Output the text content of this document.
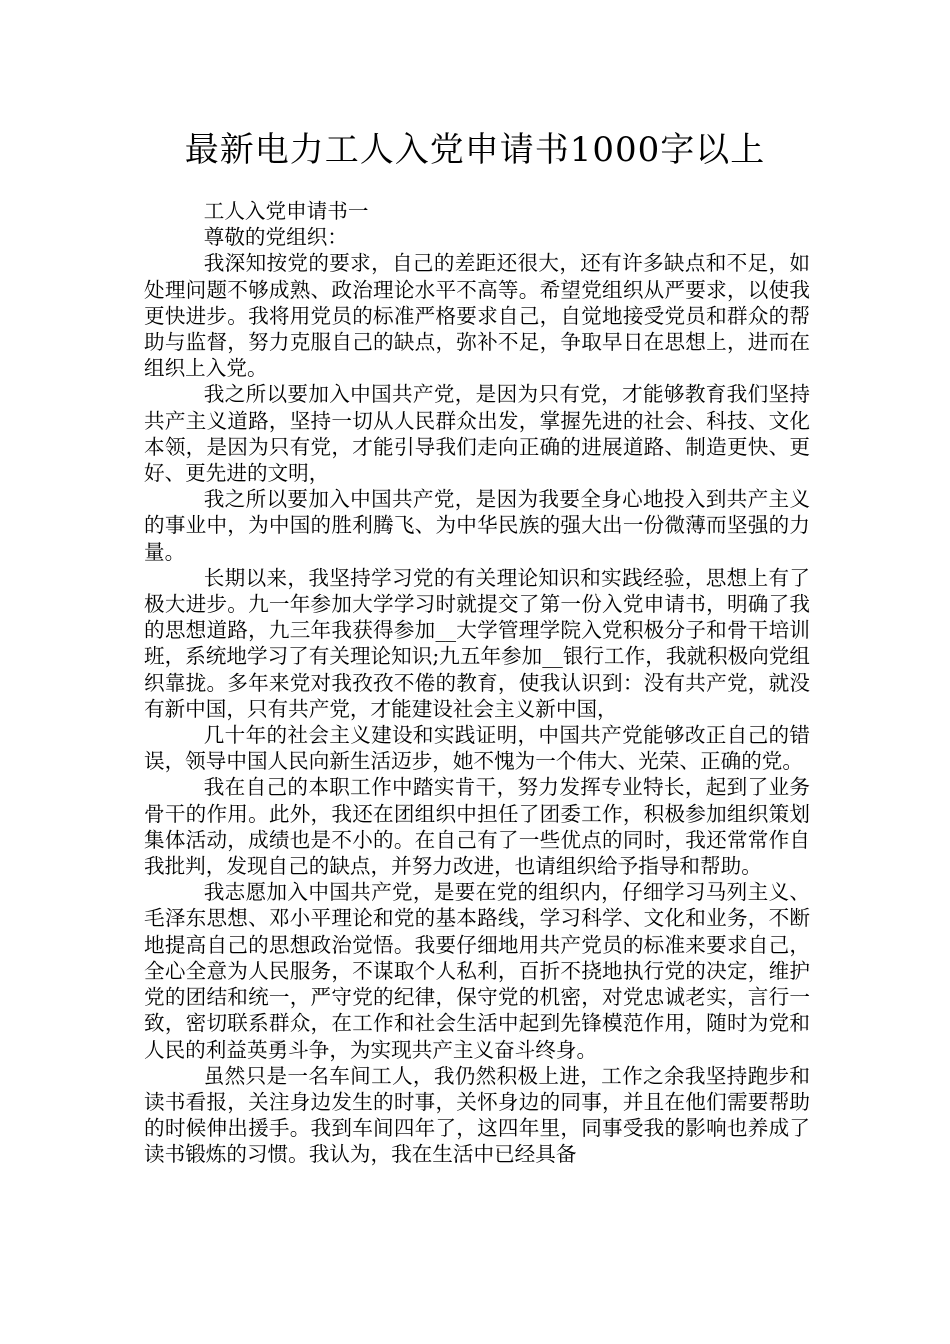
最新电力工人入党申请书1000字以上

工人入党申请书一

尊敬的党组织：

我深知按党的要求，自己的差距还很大，还有许多缺点和不足，如处理问题不够成熟、政治理论水平不高等。希望党组织从严要求，以使我更快进步。我将用党员的标准严格要求自己，自觉地接受党员和群众的帮助与监督，努力克服自己的缺点，弥补不足，争取早日在思想上，进而在组织上入党。

我之所以要加入中国共产党，是因为只有党，才能够教育我们坚持共产主义道路，坚持一切从人民群众出发，掌握先进的社会、科技、文化本领，是因为只有党，才能引导我们走向正确的进展道路、制造更快、更好、更先进的文明，

我之所以要加入中国共产党，是因为我要全身心地投入到共产主义的事业中，为中国的胜利腾飞、为中华民族的强大出一份微薄而坚强的力量。

长期以来，我坚持学习党的有关理论知识和实践经验，思想上有了极大进步。九一年参加大学学习时就提交了第一份入党申请书，明确了我的思想道路，九三年我获得参加__大学管理学院入党积极分子和骨干培训班，系统地学习了有关理论知识;九五年参加__银行工作，我就积极向党组织靠拢。多年来党对我孜孜不倦的教育，使我认识到：没有共产党，就没有新中国，只有共产党，才能建设社会主义新中国，

几十年的社会主义建设和实践证明，中国共产党能够改正自己的错误，领导中国人民向新生活迈步，她不愧为一个伟大、光荣、正确的党。

我在自己的本职工作中踏实肯干，努力发挥专业特长，起到了业务骨干的作用。此外，我还在团组织中担任了团委工作，积极参加组织策划集体活动，成绩也是不小的。在自己有了一些优点的同时，我还常常作自我批判，发现自己的缺点，并努力改进，也请组织给予指导和帮助。

我志愿加入中国共产党，是要在党的组织内，仔细学习马列主义、毛泽东思想、邓小平理论和党的基本路线，学习科学、文化和业务，不断地提高自己的思想政治觉悟。我要仔细地用共产党员的标准来要求自己，全心全意为人民服务，不谋取个人私利，百折不挠地执行党的决定，维护党的团结和统一，严守党的纪律，保守党的机密，对党忠诚老实，言行一致，密切联系群众，在工作和社会生活中起到先锋模范作用，随时为党和人民的利益英勇斗争，为实现共产主义奋斗终身。

虽然只是一名车间工人，我仍然积极上进，工作之余我坚持跑步和读书看报，关注身边发生的时事，关怀身边的同事，并且在他们需要帮助的时候伸出援手。我到车间四年了，这四年里，同事受我的影响也养成了读书锻炼的习惯。我认为，我在生活中已经具备
